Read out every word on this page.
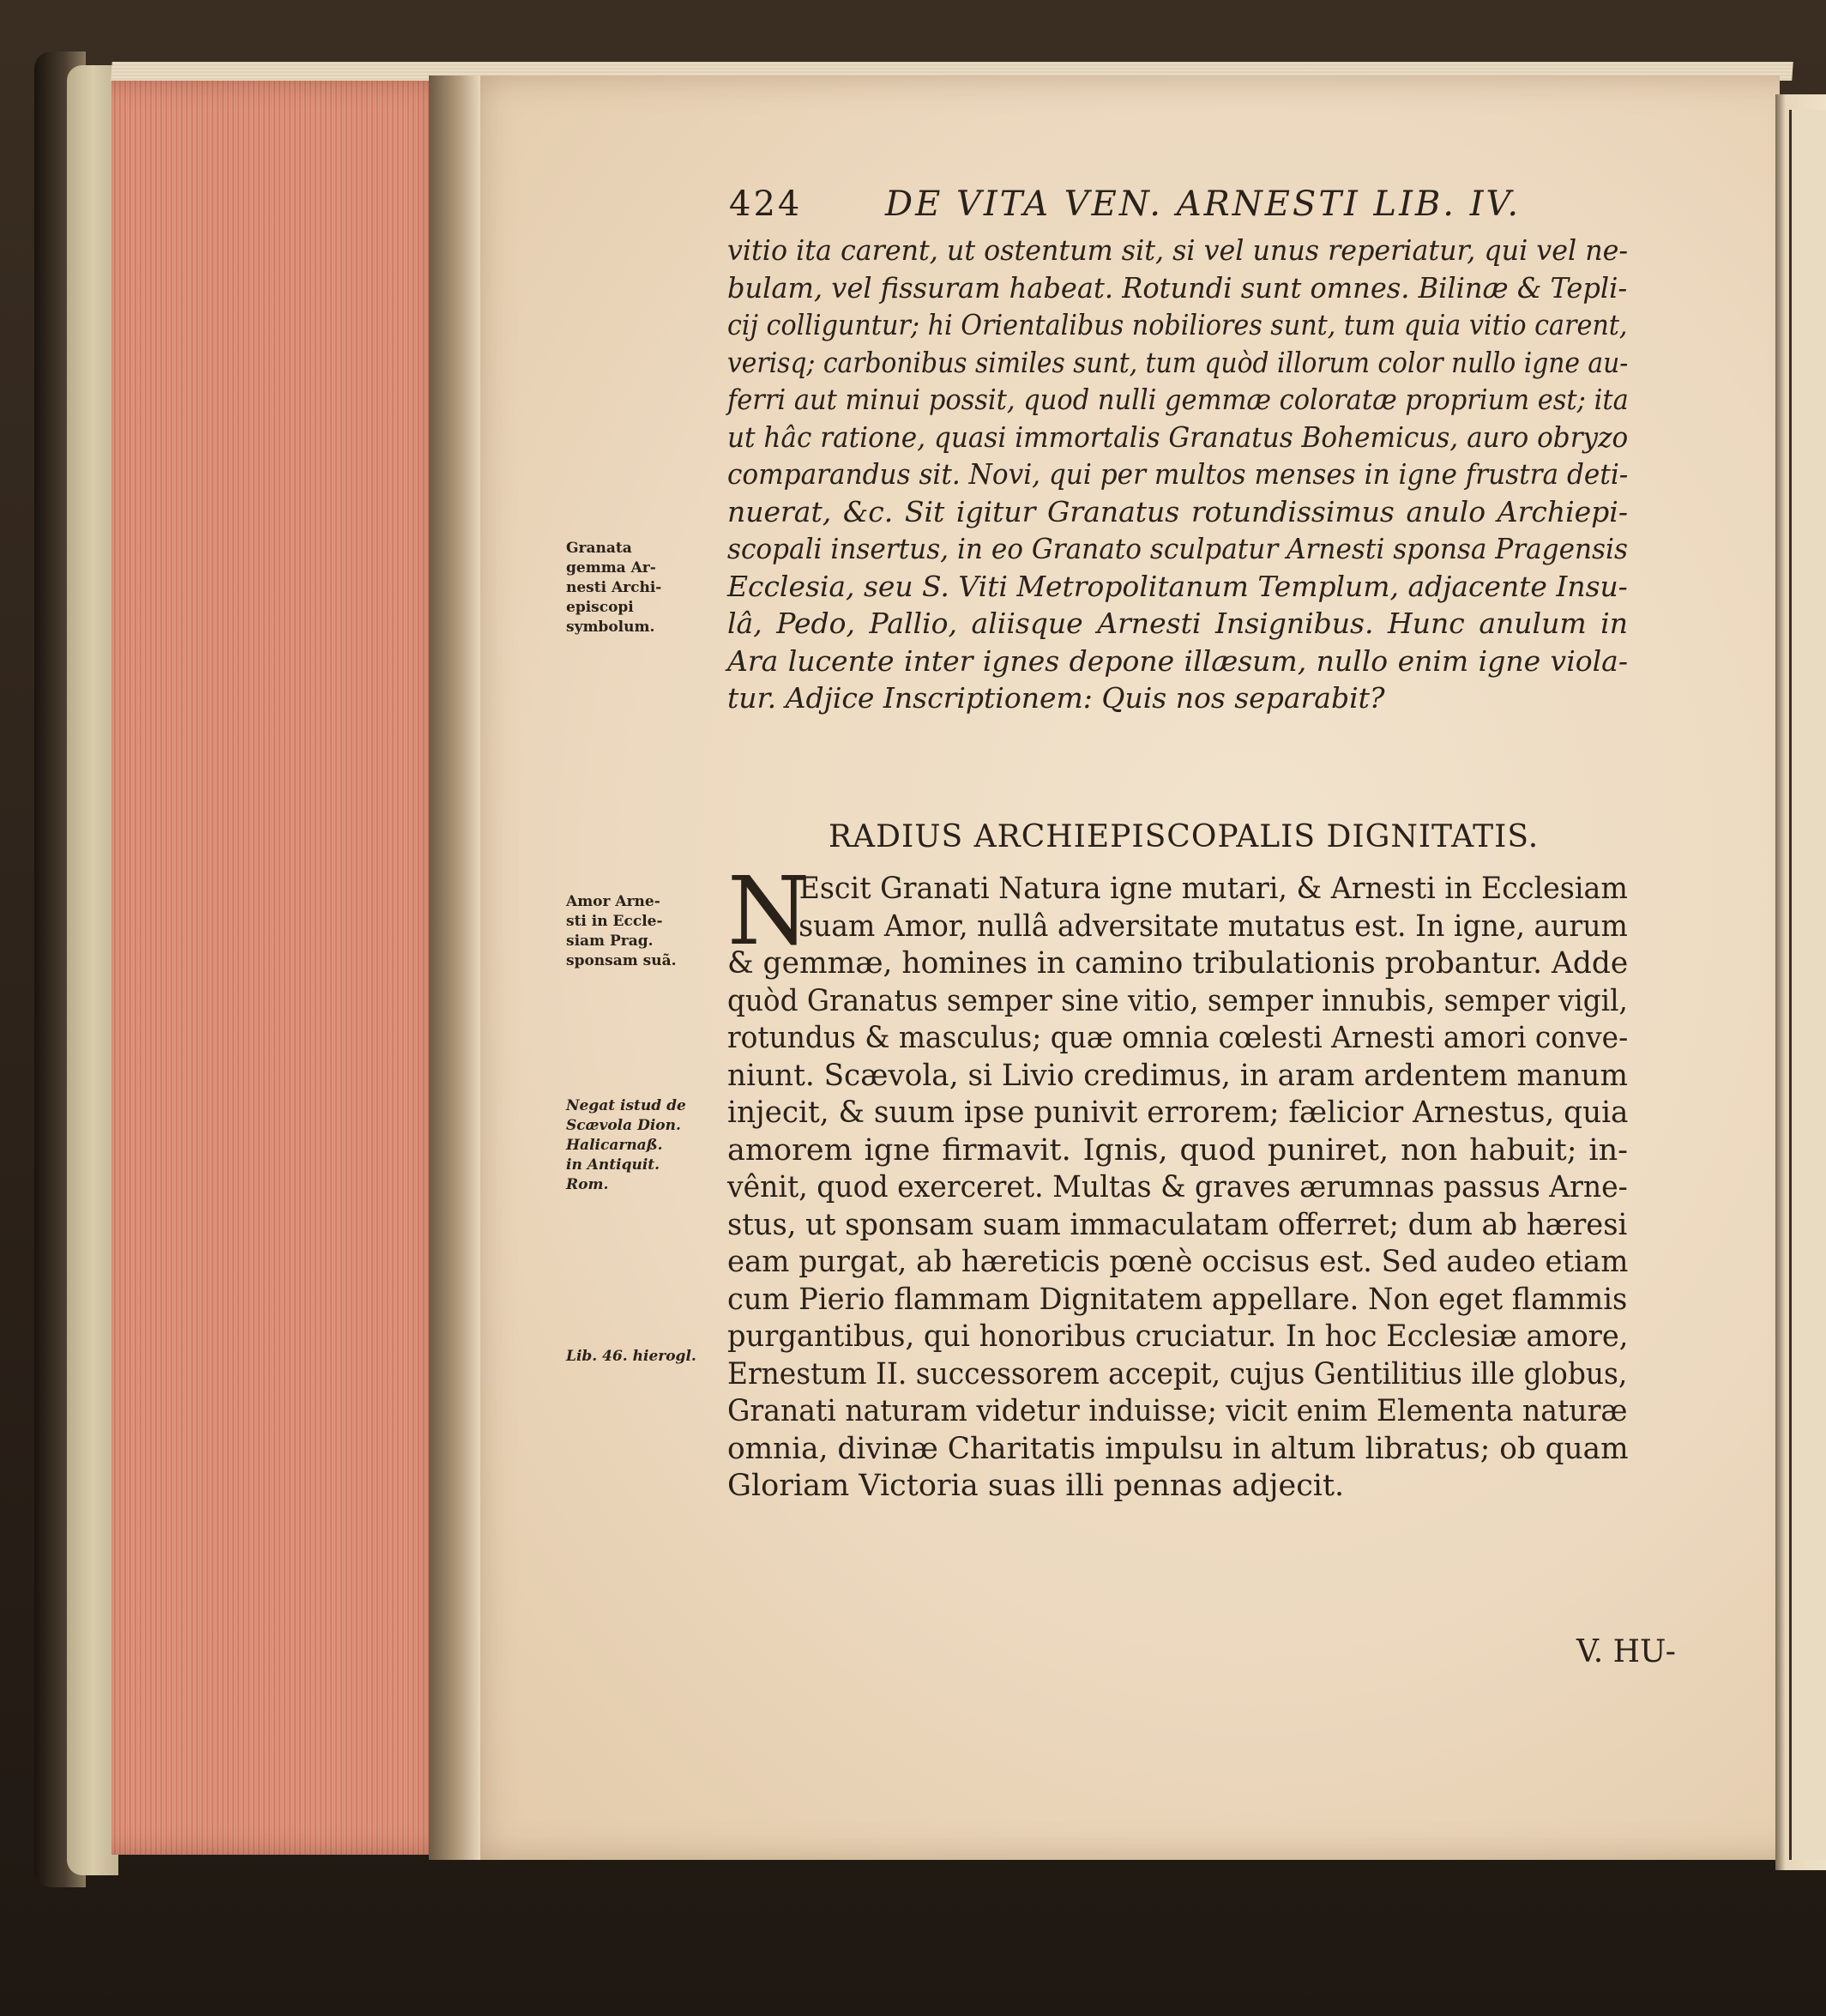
424 DE VITA VEN. ARNESTI LIB. IV.
vitio ita carent, ut ostentum sit, si vel unus reperiatur, qui vel ne-
bulam, vel fissuram habeat. Rotundi sunt omnes. Bilinæ & Tepli-
cij colliguntur; hi Orientalibus nobiliores sunt, tum quia vitio carent,
verisq; carbonibus similes sunt, tum quòd illorum color nullo igne au-
ferri aut minui possit, quod nulli gemmæ coloratæ proprium est; ita
ut hâc ratione, quasi immortalis Granatus Bohemicus, auro obryzo
comparandus sit. Novi, qui per multos menses in igne frustra deti-
nuerat, &c. Sit igitur Granatus rotundissimus anulo Archiepi-
scopali insertus, in eo Granato sculpatur Arnesti sponsa Pragensis
Ecclesia, seu S. Viti Metropolitanum Templum, adjacente Insu-
lâ, Pedo, Pallio, aliisque Arnesti Insignibus. Hunc anulum in
Ara lucente inter ignes depone illæsum, nullo enim igne viola-
tur. Adjice Inscriptionem: Quis nos separabit?
RADIUS ARCHIEPISCOPALIS DIGNITATIS.
N
Escit Granati Natura igne mutari, & Arnesti in Ecclesiam
suam Amor, nullâ adversitate mutatus est. In igne, aurum
& gemmæ, homines in camino tribulationis probantur. Adde
quòd Granatus semper sine vitio, semper innubis, semper vigil,
rotundus & masculus; quæ omnia cœlesti Arnesti amori conve-
niunt. Scævola, si Livio credimus, in aram ardentem manum
injecit, & suum ipse punivit errorem; fælicior Arnestus, quia
amorem igne firmavit. Ignis, quod puniret, non habuit; in-
vênit, quod exerceret. Multas & graves ærumnas passus Arne-
stus, ut sponsam suam immaculatam offerret; dum ab hæresi
eam purgat, ab hæreticis pœnè occisus est. Sed audeo etiam
cum Pierio flammam Dignitatem appellare. Non eget flammis
purgantibus, qui honoribus cruciatur. In hoc Ecclesiæ amore,
Ernestum II. successorem accepit, cujus Gentilitius ille globus,
Granati naturam videtur induisse; vicit enim Elementa naturæ
omnia, divinæ Charitatis impulsu in altum libratus; ob quam
Gloriam Victoria suas illi pennas adjecit.
Granata
gemma Ar-
nesti Archi-
episcopi
symbolum.
Amor Arne-
sti in Eccle-
siam Prag.
sponsam suã.
Negat istud de
Scævola Dion.
Halicarnaß.
in Antiquit.
Rom.
Lib. 46. hierogl.
V. HU-
